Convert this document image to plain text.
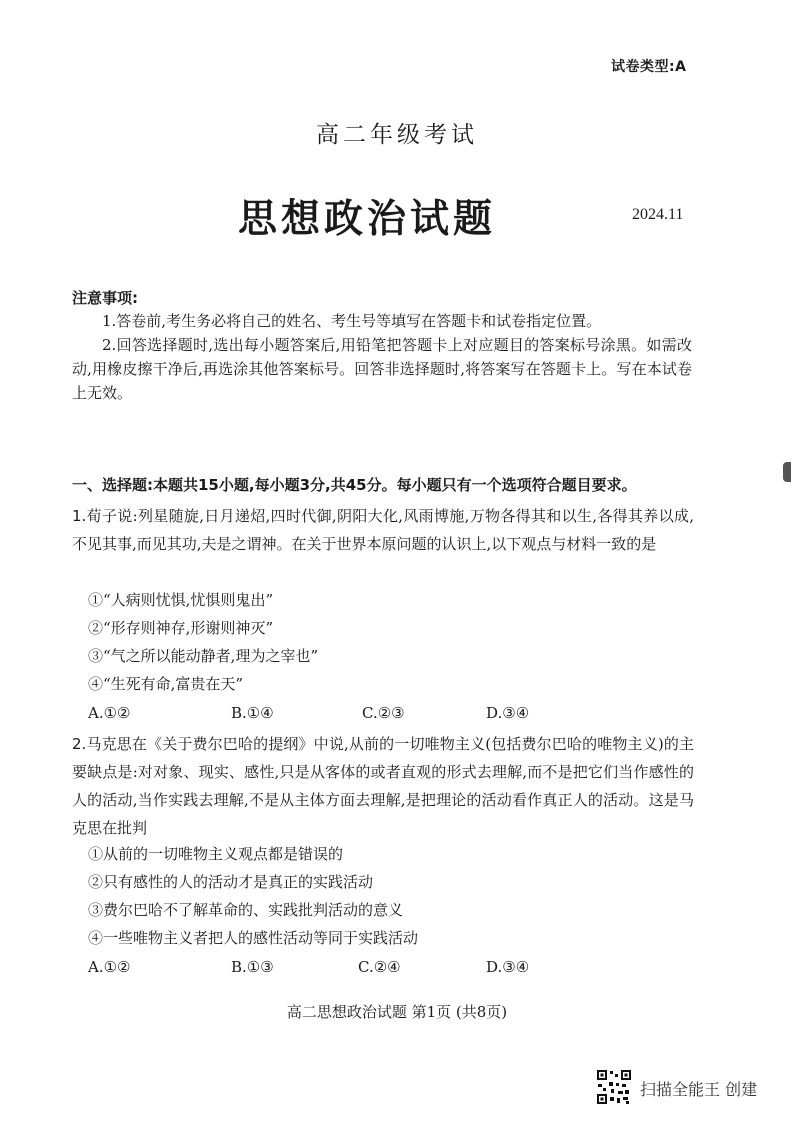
试卷类型:A
高二年级考试
思想政治试题	2024.11
注意事项:
1.答卷前,考生务必将自己的姓名、考生号等填写在答题卡和试卷指定位置。
2.回答选择题时,选出每小题答案后,用铅笔把答题卡上对应题目的答案标号涂黑。如需改动,用橡皮擦干净后,再选涂其他答案标号。回答非选择题时,将答案写在答题卡上。写在本试卷上无效。
一、选择题:本题共15小题,每小题3分,共45分。每小题只有一个选项符合题目要求。
1.荀子说:列星随旋,日月递炤,四时代御,阴阳大化,风雨博施,万物各得其和以生,各得其养以成,不见其事,而见其功,夫是之谓神。在关于世界本原问题的认识上,以下观点与材料一致的是
①“人病则忧惧,忧惧则鬼出”
②“形存则神存,形谢则神灭”
③“气之所以能动静者,理为之宰也”
④“生死有命,富贵在天”
A.①②	B.①④	C.②③	D.③④
2.马克思在《关于费尔巴哈的提纲》中说,从前的一切唯物主义(包括费尔巴哈的唯物主义)的主要缺点是:对对象、现实、感性,只是从客体的或者直观的形式去理解,而不是把它们当作感性的人的活动,当作实践去理解,不是从主体方面去理解,是把理论的活动看作真正人的活动。这是马克思在批判
①从前的一切唯物主义观点都是错误的
②只有感性的人的活动才是真正的实践活动
③费尔巴哈不了解革命的、实践批判活动的意义
④一些唯物主义者把人的感性活动等同于实践活动
A.①②	B.①③	C.②④	D.③④
高二思想政治试题 第1页 (共8页)
扫描全能王 创建
